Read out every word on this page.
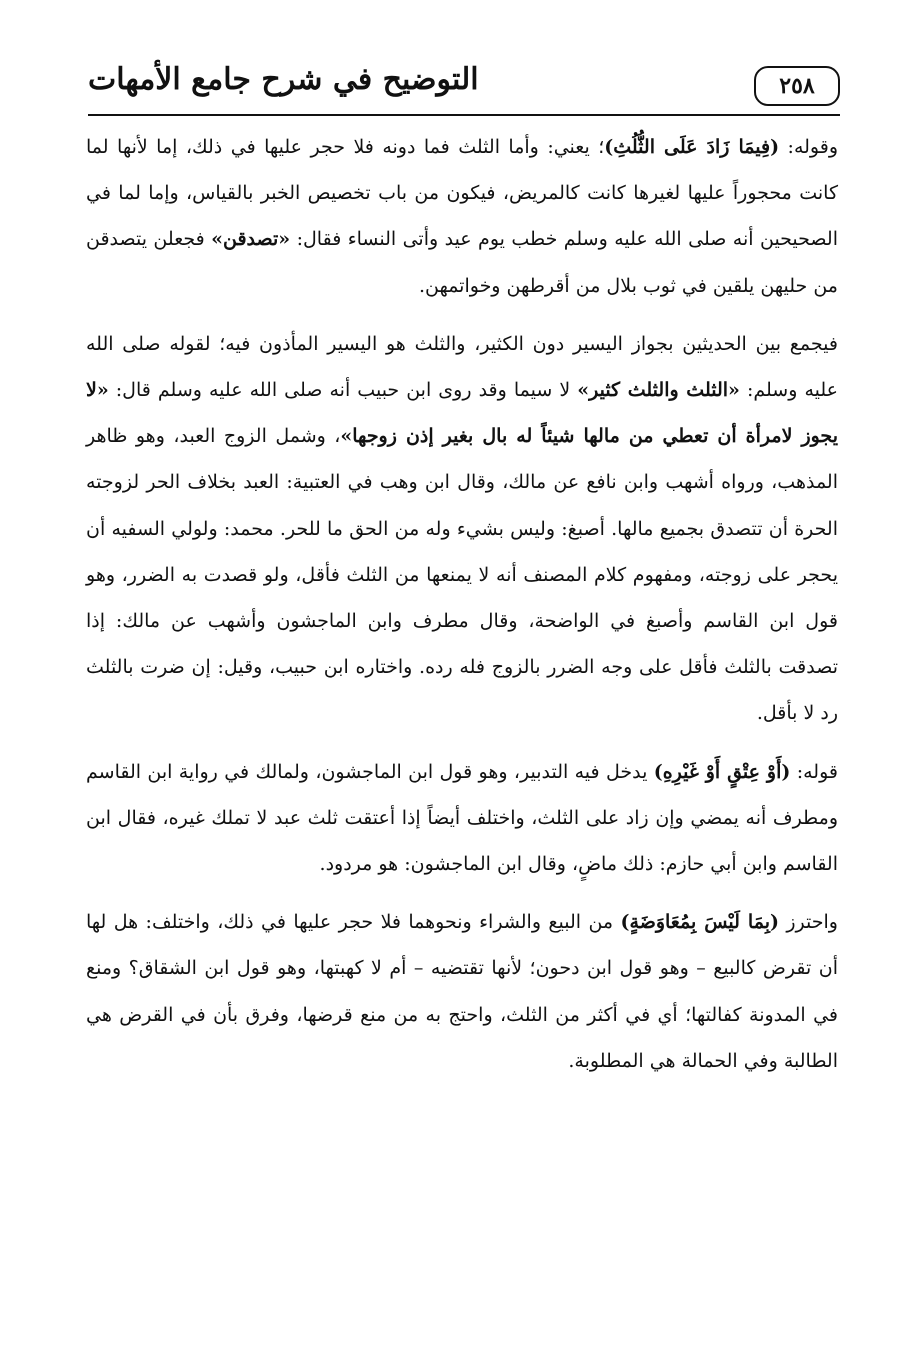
٢٥٨
التوضيح في شرح جامع الأمهات

وقوله: (فِيمَا زَادَ عَلَى الثُّلُثِ)؛ يعني: وأما الثلث فما دونه فلا حجر عليها في ذلك، إما لأنها لما كانت محجوراً عليها لغيرها كانت كالمريض، فيكون من باب تخصيص الخبر بالقياس، وإما لما في الصحيحين أنه صلى الله عليه وسلم خطب يوم عيد وأتى النساء فقال: «تصدقن» فجعلن يتصدقن من حليهن يلقين في ثوب بلال من أقرطهن وخواتمهن.

فيجمع بين الحديثين بجواز اليسير دون الكثير، والثلث هو اليسير المأذون فيه؛ لقوله صلى الله عليه وسلم: «الثلث والثلث كثير» لا سيما وقد روى ابن حبيب أنه صلى الله عليه وسلم قال: «لا يجوز لامرأة أن تعطي من مالها شيئاً له بال بغير إذن زوجها»، وشمل الزوج العبد، وهو ظاهر المذهب، ورواه أشهب وابن نافع عن مالك، وقال ابن وهب في العتبية: العبد بخلاف الحر لزوجته الحرة أن تتصدق بجميع مالها. أصبغ: وليس بشيء وله من الحق ما للحر. محمد: ولولي السفيه أن يحجر على زوجته، ومفهوم كلام المصنف أنه لا يمنعها من الثلث فأقل، ولو قصدت به الضرر، وهو قول ابن القاسم وأصبغ في الواضحة، وقال مطرف وابن الماجشون وأشهب عن مالك: إذا تصدقت بالثلث فأقل على وجه الضرر بالزوج فله رده. واختاره ابن حبيب، وقيل: إن ضرت بالثلث رد لا بأقل.

قوله: (أَوْ عِتْقٍ أَوْ غَيْرِهِ) يدخل فيه التدبير، وهو قول ابن الماجشون، ولمالك في رواية ابن القاسم ومطرف أنه يمضي وإن زاد على الثلث، واختلف أيضاً إذا أعتقت ثلث عبد لا تملك غيره، فقال ابن القاسم وابن أبي حازم: ذلك ماضٍ، وقال ابن الماجشون: هو مردود.

واحترز (بِمَا لَيْسَ بِمُعَاوَضَةٍ) من البيع والشراء ونحوهما فلا حجر عليها في ذلك، واختلف: هل لها أن تقرض كالبيع – وهو قول ابن دحون؛ لأنها تقتضيه – أم لا كهبتها، وهو قول ابن الشقاق؟ ومنع في المدونة كفالتها؛ أي في أكثر من الثلث، واحتج به من منع قرضها، وفرق بأن في القرض هي الطالبة وفي الحمالة هي المطلوبة.
